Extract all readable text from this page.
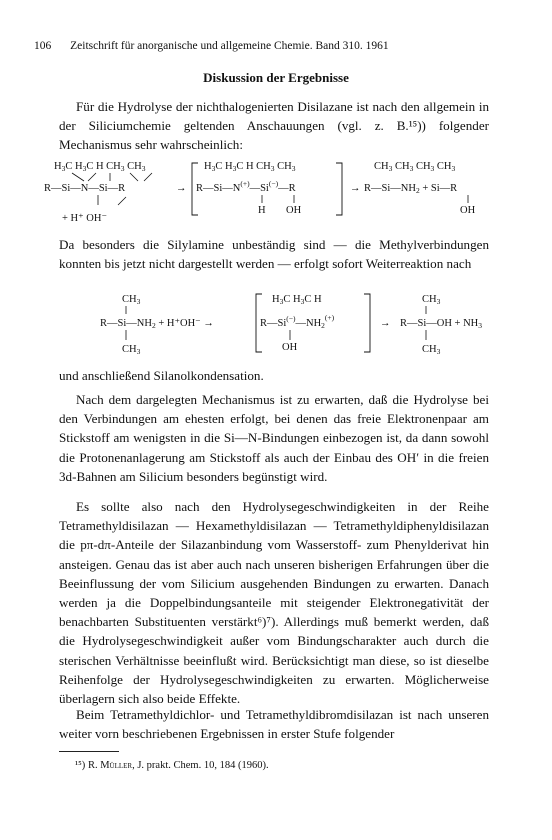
106 Zeitschrift für anorganische und allgemeine Chemie. Band 310. 1961
Diskussion der Ergebnisse

Für die Hydrolyse der nichthalogenierten Disilazane ist nach den allgemein in der Siliciumchemie geltenden Anschauungen (vgl. z. B.¹⁵)) folgender Mechanismus sehr wahrscheinlich:

H3C H3C H CH3 CH3
R—Si—N—Si—R
+ H⁺ OH⁻
→
H3C H3C H CH3 CH3
R—Si—N(+)—Si(−)—R
H OH
→
CH3 CH3 CH3 CH3
R—Si—NH2 + Si—R
OH

Da besonders die Silylamine unbeständig sind — die Methylverbindungen konnten bis jetzt nicht dargestellt werden — erfolgt sofort Weiterreaktion nach

CH3
R—Si—NH2 + H⁺OH⁻ →
CH3
H3C H3C H
R—Si(−)—NH2(+)
OH
→
CH3
R—Si—OH + NH3
CH3

und anschließend Silanolkondensation.

Nach dem dargelegten Mechanismus ist zu erwarten, daß die Hydrolyse bei den Verbindungen am ehesten erfolgt, bei denen das freie Elektronenpaar am Stickstoff am wenigsten in die Si—N-Bindungen einbezogen ist, da dann sowohl die Protonenanlagerung am Stickstoff als auch der Einbau des OH′ in die freien 3d-Bahnen am Silicium besonders begünstigt wird.

Es sollte also nach den Hydrolysegeschwindigkeiten in der Reihe Tetramethyldisilazan — Hexamethyldisilazan — Tetramethyldiphenyldisilazan die pπ-dπ-Anteile der Silazanbindung vom Wasserstoff- zum Phenylderivat hin ansteigen. Genau das ist aber auch nach unseren bisherigen Erfahrungen über die Beeinflussung der vom Silicium ausgehenden Bindungen zu erwarten. Danach werden ja die Doppelbindungsanteile mit steigender Elektronegativität der benachbarten Substituenten verstärkt⁶)⁷). Allerdings muß bemerkt werden, daß die Hydrolysegeschwindigkeit außer vom Bindungscharakter auch durch die sterischen Verhältnisse beeinflußt wird. Berücksichtigt man diese, so ist dieselbe Reihenfolge der Hydrolysegeschwindigkeiten zu erwarten. Möglicherweise überlagern sich also beide Effekte.

Beim Tetramethyldichlor- und Tetramethyldibromdisilazan ist nach unseren weiter vorn beschriebenen Ergebnissen in erster Stufe folgender

¹⁵) R. Müller, J. prakt. Chem. 10, 184 (1960).
